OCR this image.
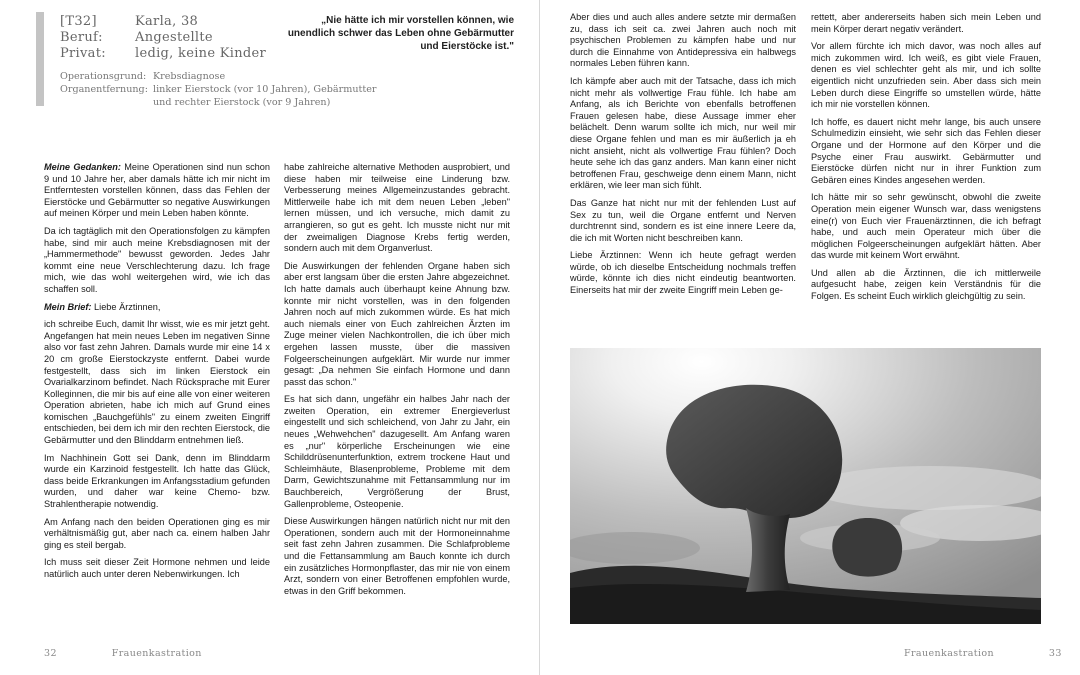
[T32]	Karla, 38
Beruf:	Angestellte
Privat:	ledig, keine Kinder
Operationsgrund: Krebsdiagnose
Organentfernung: linker Eierstock (vor 10 Jahren), Gebärmutter
und rechter Eierstock (vor 9 Jahren)
„Nie hätte ich mir vorstellen können, wie unendlich schwer das Leben ohne Gebärmutter und Eierstöcke ist."

Meine Gedanken: Meine Operationen sind nun schon 9 und 10 Jahre her, aber damals hätte ich mir nicht im Entferntesten vorstellen können, dass das Fehlen der Eierstöcke und Gebärmutter so negative Auswirkungen auf meinen Körper und mein Leben haben könnte.

Da ich tagtäglich mit den Operationsfolgen zu kämpfen habe, sind mir auch meine Krebsdiagnosen mit der „Hammermethode" bewusst geworden. Jedes Jahr kommt eine neue Verschlechterung dazu. Ich frage mich, wie das wohl weitergehen wird, wie ich das schaffen soll.

Mein Brief: Liebe Ärztinnen,

ich schreibe Euch, damit Ihr wisst, wie es mir jetzt geht. Angefangen hat mein neues Leben im negativen Sinne also vor fast zehn Jahren. Damals wurde mir eine 14 x 20 cm große Eierstockzyste entfernt. Dabei wurde festgestellt, dass sich im linken Eierstock ein Ovarialkarzinom befindet. Nach Rücksprache mit Eurer Kolleginnen, die mir bis auf eine alle von einer weiteren Operation abrieten, habe ich mich auf Grund eines komischen „Bauchgefühls" zu einem zweiten Eingriff entschieden, bei dem ich mir den rechten Eierstock, die Gebärmutter und den Blinddarm entnehmen ließ.

Im Nachhinein Gott sei Dank, denn im Blinddarm wurde ein Karzinoid festgestellt. Ich hatte das Glück, dass beide Erkrankungen im Anfangsstadium gefunden wurden, und daher war keine Chemo- bzw. Strahlentherapie notwendig.

Am Anfang nach den beiden Operationen ging es mir verhältnismäßig gut, aber nach ca. einem halben Jahr ging es steil bergab.

Ich muss seit dieser Zeit Hormone nehmen und leide natürlich auch unter deren Nebenwirkungen. Ich

habe zahlreiche alternative Methoden ausprobiert, und diese haben mir teilweise eine Linderung bzw. Verbesserung meines Allgemeinzustandes gebracht. Mittlerweile habe ich mit dem neuen Leben „leben" lernen müssen, und ich versuche, mich damit zu arrangieren, so gut es geht. Ich musste nicht nur mit der zweimaligen Diagnose Krebs fertig werden, sondern auch mit dem Organverlust.

Die Auswirkungen der fehlenden Organe haben sich aber erst langsam über die ersten Jahre abgezeichnet. Ich hatte damals auch überhaupt keine Ahnung bzw. konnte mir nicht vorstellen, was in den folgenden Jahren noch auf mich zukommen würde. Es hat mich auch niemals einer von Euch zahlreichen Ärzten im Zuge meiner vielen Nachkontrollen, die ich über mich ergehen lassen musste, über die massiven Folgeerscheinungen aufgeklärt. Mir wurde nur immer gesagt: „Da nehmen Sie einfach Hormone und dann passt das schon."

Es hat sich dann, ungefähr ein halbes Jahr nach der zweiten Operation, ein extremer Energieverlust eingestellt und sich schleichend, von Jahr zu Jahr, ein neues „Wehwehchen" dazugesellt. Am Anfang waren es „nur" körperliche Erscheinungen wie eine Schilddrüsenunterfunktion, extrem trockene Haut und Schleimhäute, Blasenprobleme, Probleme mit dem Darm, Gewichtszunahme mit Fettansammlung nur im Bauchbereich, Vergrößerung der Brust, Gallenprobleme, Osteopenie.

Diese Auswirkungen hängen natürlich nicht nur mit den Operationen, sondern auch mit der Hormoneinnahme seit fast zehn Jahren zusammen. Die Schlafprobleme und die Fettansammlung am Bauch konnte ich durch ein zusätzliches Hormonpflaster, das mir nie von einem Arzt, sondern von einer Betroffenen empfohlen wurde, etwas in den Griff bekommen.

32	Frauenkastration

Aber dies und auch alles andere setzte mir dermaßen zu, dass ich seit ca. zwei Jahren auch noch mit psychischen Problemen zu kämpfen habe und nur durch die Einnahme von Antidepressiva ein halbwegs normales Leben führen kann.

Ich kämpfe aber auch mit der Tatsache, dass ich mich nicht mehr als vollwertige Frau fühle. Ich habe am Anfang, als ich Berichte von ebenfalls betroffenen Frauen gelesen habe, diese Aussage immer eher belächelt. Denn warum sollte ich mich, nur weil mir diese Organe fehlen und man es mir äußerlich ja eh nicht ansieht, nicht als vollwertige Frau fühlen? Doch heute sehe ich das ganz anders. Man kann einer nicht betroffenen Frau, geschweige denn einem Mann, nicht erklären, wie leer man sich fühlt.

Das Ganze hat nicht nur mit der fehlenden Lust auf Sex zu tun, weil die Organe entfernt und Nerven durchtrennt sind, sondern es ist eine innere Leere da, die ich mit Worten nicht beschreiben kann.

Liebe Ärztinnen: Wenn ich heute gefragt werden würde, ob ich dieselbe Entscheidung nochmals treffen würde, könnte ich dies nicht eindeutig beantworten. Einerseits hat mir der zweite Eingriff mein Leben ge-

rettett, aber andererseits haben sich mein Leben und mein Körper derart negativ verändert.

Vor allem fürchte ich mich davor, was noch alles auf mich zukommen wird. Ich weiß, es gibt viele Frauen, denen es viel schlechter geht als mir, und ich sollte eigentlich nicht unzufrieden sein. Aber dass sich mein Leben durch diese Eingriffe so umstellen würde, hätte ich mir nie vorstellen können.

Ich hoffe, es dauert nicht mehr lange, bis auch unsere Schulmedizin einsieht, wie sehr sich das Fehlen dieser Organe und der Hormone auf den Körper und die Psyche einer Frau auswirkt. Gebärmutter und Eierstöcke dürfen nicht nur in ihrer Funktion zum Gebären eines Kindes angesehen werden.

Ich hätte mir so sehr gewünscht, obwohl die zweite Operation mein eigener Wunsch war, dass wenigstens eine(r) von Euch vier Frauenärztinnen, die ich befragt habe, und auch mein Operateur mich über die möglichen Folgeerscheinungen aufgeklärt hätten. Aber das wurde mit keinem Wort erwähnt.

Und allen ab die Ärztinnen, die ich mittlerweile aufgesucht habe, zeigen kein Verständnis für die Folgen. Es scheint Euch wirklich gleichgültig zu sein.

Frauenkastration	33
